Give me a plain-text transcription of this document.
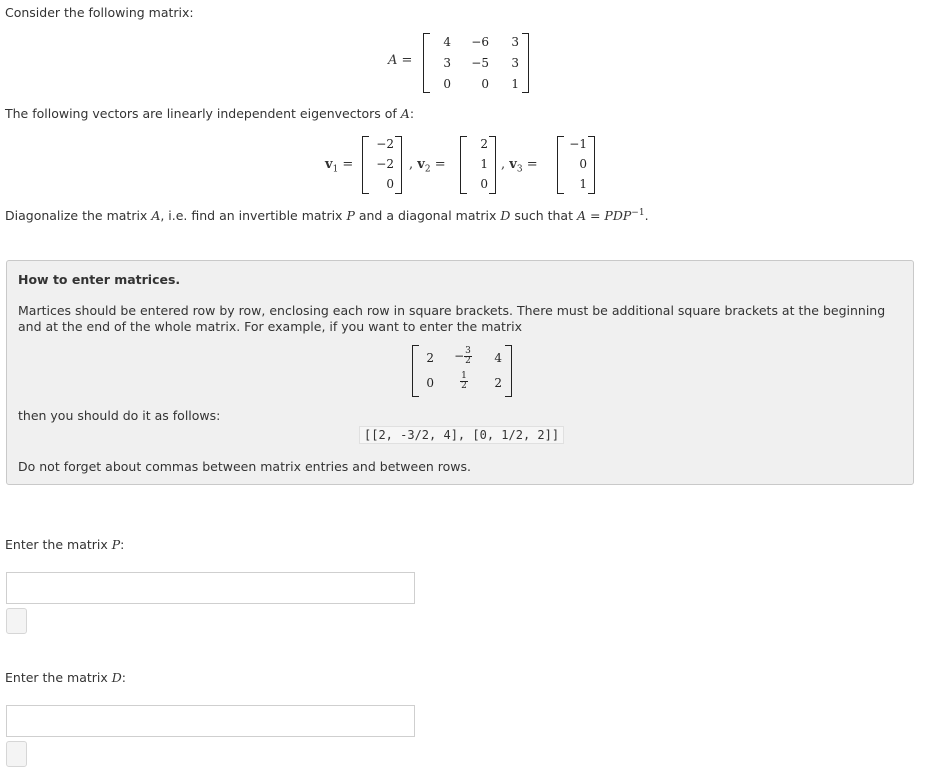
Consider the following matrix:
A =
4	−6	3
3	−5	3
0	0	1
The following vectors are linearly independent eigenvectors of A:
$v_1$ =
−2
−2
0
, $v_2$ =
2
1
0
, $v_3$ =
−1
0
1
Diagonalize the matrix A, i.e. find an invertible matrix P and a diagonal matrix D such that $A = PDP^{-1}$.
How to enter matrices.
Martices should be entered row by row, enclosing each row in square brackets. There must be additional square brackets at the beginning and at the end of the whole matrix. For example, if you want to enter the matrix
2	− $\frac{3}{2}$	4
0	$\frac{1}{2}$	2
then you should do it as follows:
[[2, -3/2, 4], [0, 1/2, 2]]
Do not forget about commas between matrix entries and between rows.
Enter the matrix P:
Enter the matrix D:
